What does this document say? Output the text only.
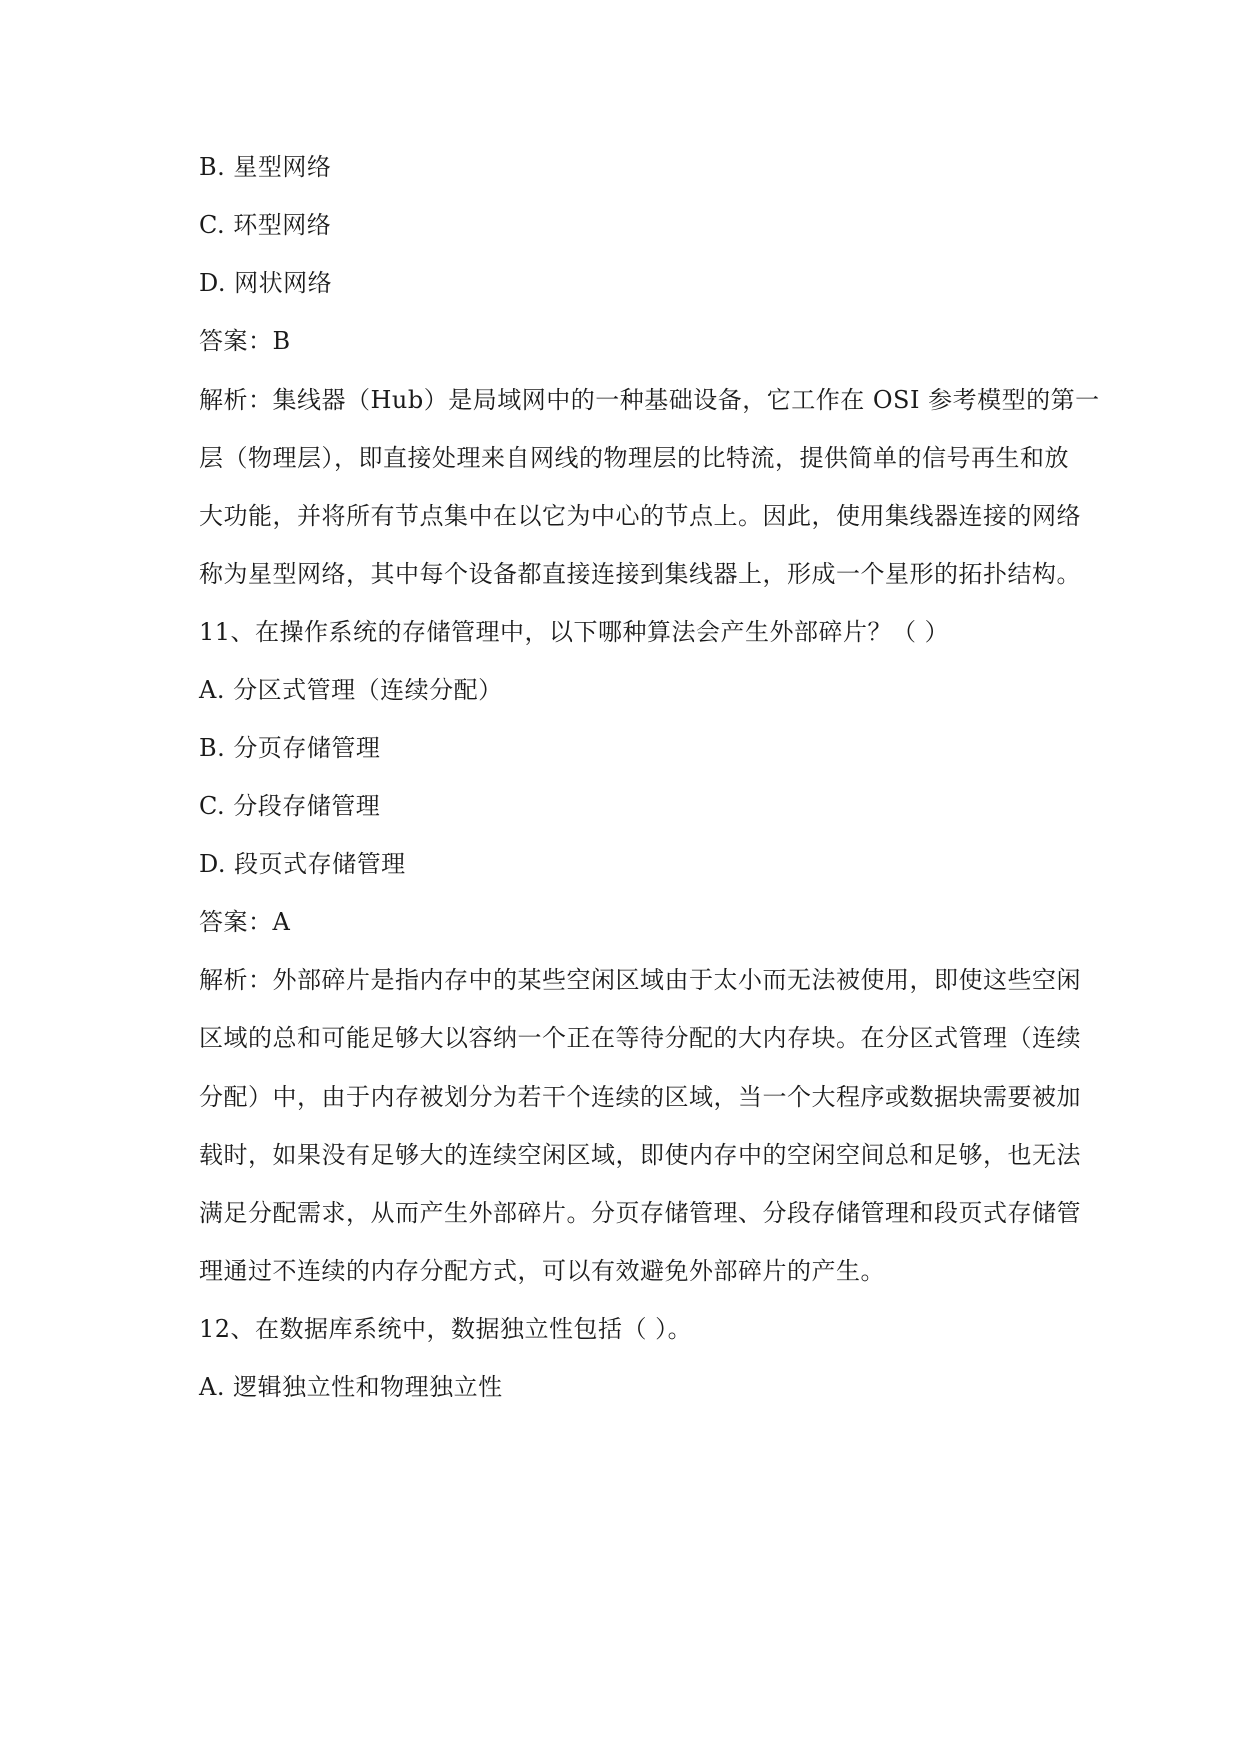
B. 星型网络
C. 环型网络
D. 网状网络
答案：B
解析：集线器（Hub）是局域网中的一种基础设备，它工作在 OSI 参考模型的第一
层（物理层），即直接处理来自网线的物理层的比特流，提供简单的信号再生和放
大功能，并将所有节点集中在以它为中心的节点上。因此，使用集线器连接的网络
称为星型网络，其中每个设备都直接连接到集线器上，形成一个星形的拓扑结构。
11、在操作系统的存储管理中，以下哪种算法会产生外部碎片？（ ）
A. 分区式管理（连续分配）
B. 分页存储管理
C. 分段存储管理
D. 段页式存储管理
答案：A
解析：外部碎片是指内存中的某些空闲区域由于太小而无法被使用，即使这些空闲
区域的总和可能足够大以容纳一个正在等待分配的大内存块。在分区式管理（连续
分配）中，由于内存被划分为若干个连续的区域，当一个大程序或数据块需要被加
载时，如果没有足够大的连续空闲区域，即使内存中的空闲空间总和足够，也无法
满足分配需求，从而产生外部碎片。分页存储管理、分段存储管理和段页式存储管
理通过不连续的内存分配方式，可以有效避免外部碎片的产生。
12、在数据库系统中，数据独立性包括（ ）。
A. 逻辑独立性和物理独立性
